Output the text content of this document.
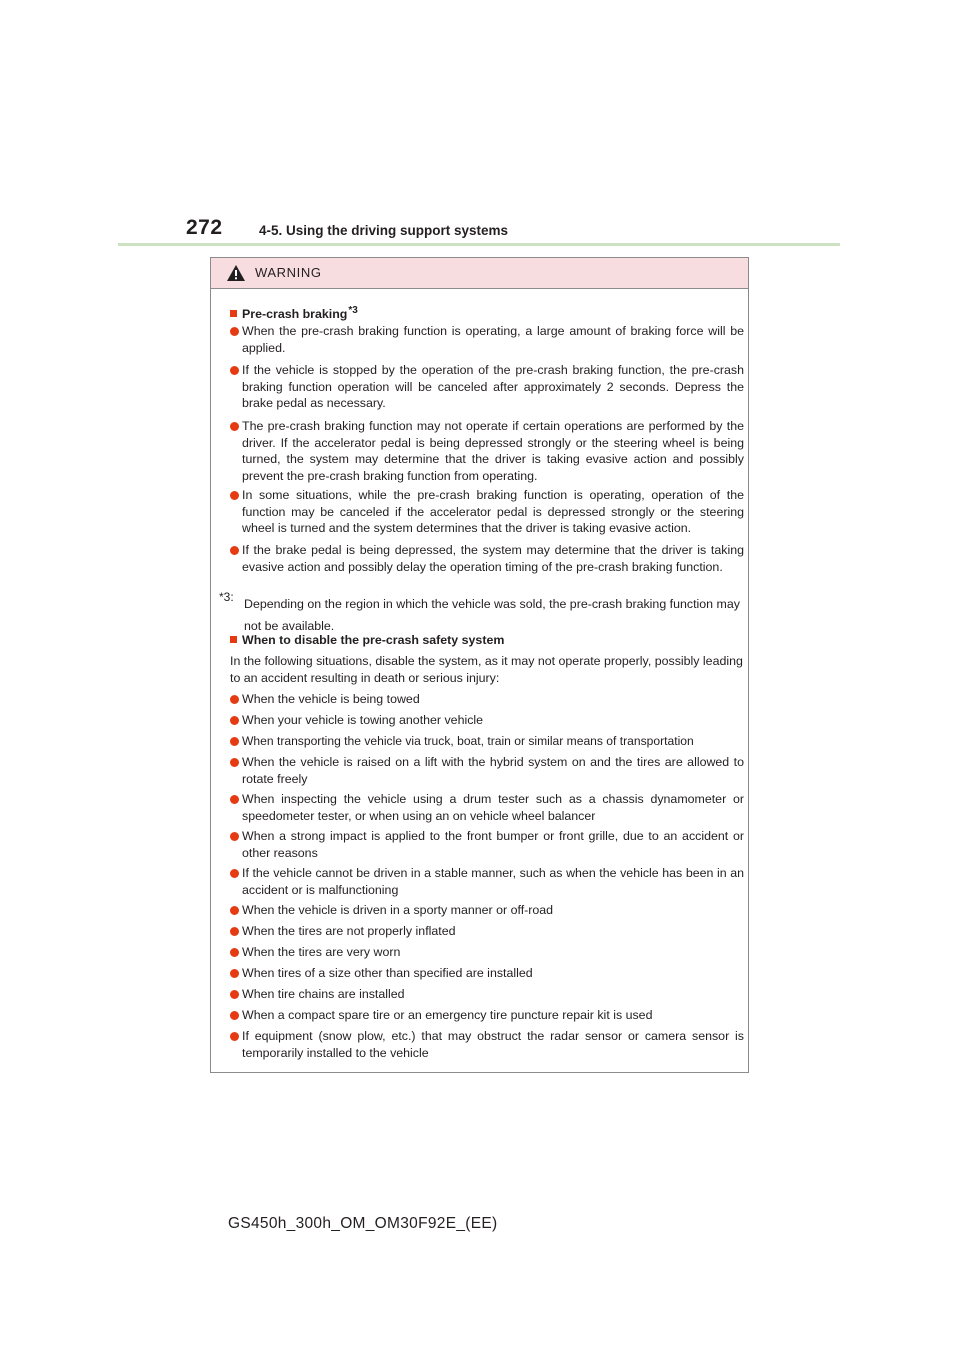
272	4-5. Using the driving support systems
WARNING
Pre-crash braking$^{*3}$
When the pre-crash braking function is operating, a large amount of braking force will be applied.
If the vehicle is stopped by the operation of the pre-crash braking function, the pre-crash braking function operation will be canceled after approximately 2 seconds. Depress the brake pedal as necessary.
The pre-crash braking function may not operate if certain operations are performed by the driver. If the accelerator pedal is being depressed strongly or the steering wheel is being turned, the system may determine that the driver is taking evasive action and possibly prevent the pre-crash braking function from operating.
In some situations, while the pre-crash braking function is operating, operation of the function may be canceled if the accelerator pedal is depressed strongly or the steering wheel is turned and the system determines that the driver is taking evasive action.
If the brake pedal is being depressed, the system may determine that the driver is taking evasive action and possibly delay the operation timing of the pre-crash braking function.
*3: Depending on the region in which the vehicle was sold, the pre-crash braking function may not be available.
When to disable the pre-crash safety system
In the following situations, disable the system, as it may not operate properly, possibly leading to an accident resulting in death or serious injury:
When the vehicle is being towed
When your vehicle is towing another vehicle
When transporting the vehicle via truck, boat, train or similar means of transportation
When the vehicle is raised on a lift with the hybrid system on and the tires are allowed to rotate freely
When inspecting the vehicle using a drum tester such as a chassis dynamometer or speedometer tester, or when using an on vehicle wheel balancer
When a strong impact is applied to the front bumper or front grille, due to an accident or other reasons
If the vehicle cannot be driven in a stable manner, such as when the vehicle has been in an accident or is malfunctioning
When the vehicle is driven in a sporty manner or off-road
When the tires are not properly inflated
When the tires are very worn
When tires of a size other than specified are installed
When tire chains are installed
When a compact spare tire or an emergency tire puncture repair kit is used
If equipment (snow plow, etc.) that may obstruct the radar sensor or camera sensor is temporarily installed to the vehicle
GS450h_300h_OM_OM30F92E_(EE)
